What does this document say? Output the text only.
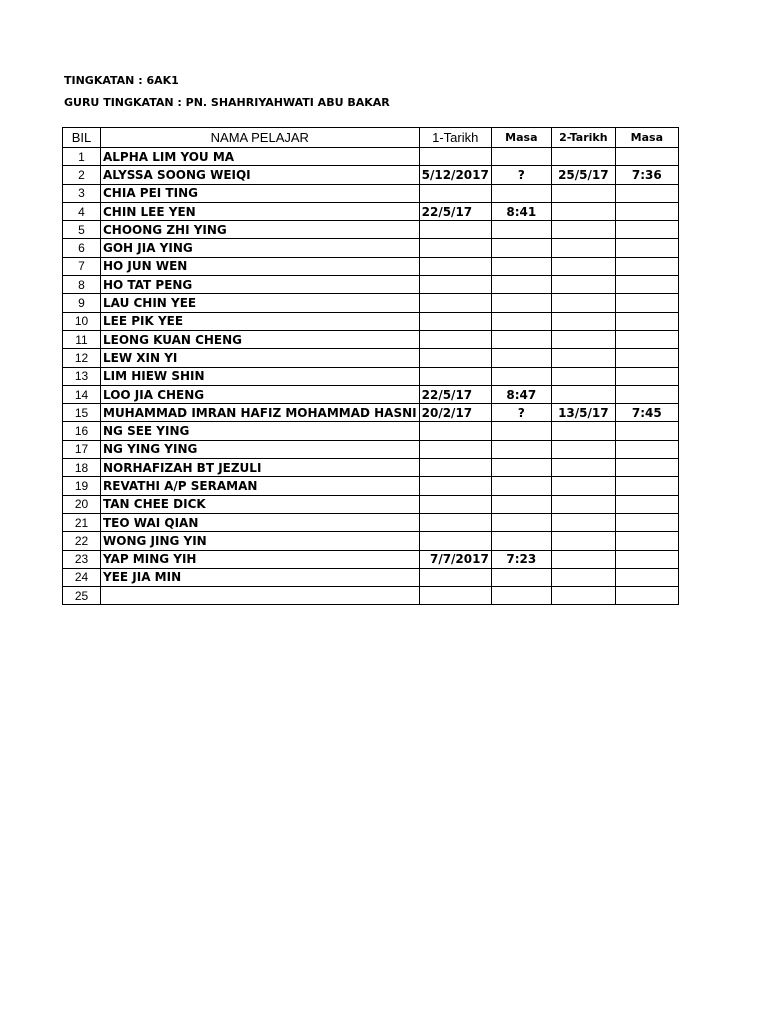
TINGKATAN : 6AK1
GURU TINGKATAN : PN. SHAHRIYAHWATI ABU BAKAR
BIL	NAMA PELAJAR	1-Tarikh	Masa	2-Tarikh	Masa
1	ALPHA LIM YOU MA				
2	ALYSSA SOONG WEIQI	5/12/2017	?	25/5/17	7:36
3	CHIA PEI TING				
4	CHIN LEE YEN	22/5/17	8:41		
5	CHOONG ZHI YING				
6	GOH JIA YING				
7	HO JUN WEN				
8	HO TAT PENG				
9	LAU CHIN YEE				
10	LEE PIK YEE				
11	LEONG KUAN CHENG				
12	LEW XIN YI				
13	LIM HIEW SHIN				
14	LOO JIA CHENG	22/5/17	8:47		
15	MUHAMMAD IMRAN HAFIZ MOHAMMAD HASNI	20/2/17	?	13/5/17	7:45
16	NG SEE YING				
17	NG YING YING				
18	NORHAFIZAH BT JEZULI				
19	REVATHI A/P SERAMAN				
20	TAN CHEE DICK				
21	TEO WAI QIAN				
22	WONG JING YIN				
23	YAP MING YIH	7/7/2017	7:23		
24	YEE JIA MIN				
25					
